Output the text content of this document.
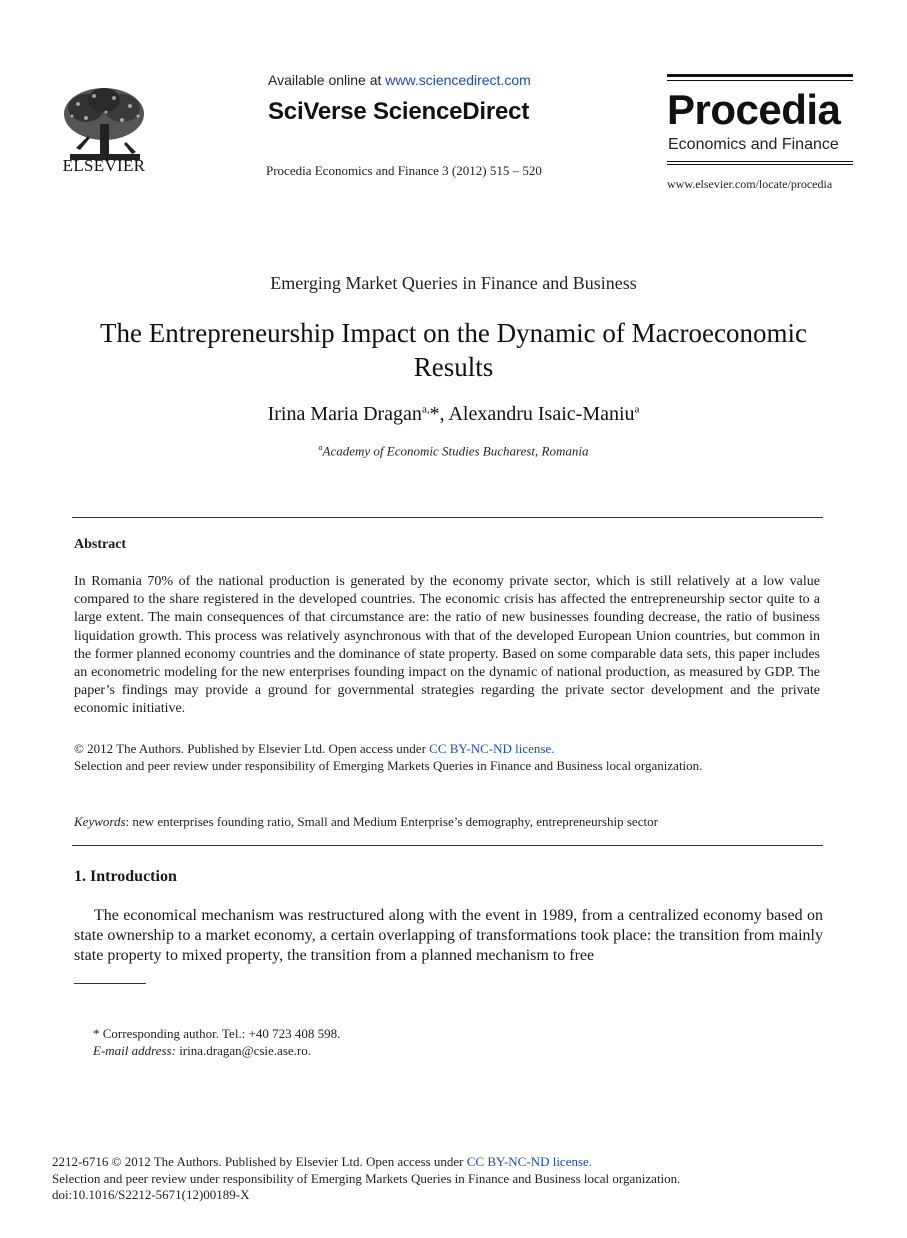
ELSEVIER
Available online at www.sciencedirect.com
SciVerse ScienceDirect
Procedia Economics and Finance 3 (2012) 515 – 520
Procedia
Economics and Finance
www.elsevier.com/locate/procedia
Emerging Market Queries in Finance and Business
The Entrepreneurship Impact on the Dynamic of Macroeconomic Results
Irina Maria Dragan$^{a,}$*, Alexandru Isaic-Maniu$^a$
$^a$Academy of Economic Studies Bucharest, Romania
Abstract
In Romania 70% of the national production is generated by the economy private sector, which is still relatively at a low value compared to the share registered in the developed countries. The economic crisis has affected the entrepreneurship sector quite to a large extent. The main consequences of that circumstance are: the ratio of new businesses founding decrease, the ratio of business liquidation growth. This process was relatively asynchronous with that of the developed European Union countries, but common in the former planned economy countries and the dominance of state property. Based on some comparable data sets, this paper includes an econometric modeling for the new enterprises founding impact on the dynamic of national production, as measured by GDP. The paper’s findings may provide a ground for governmental strategies regarding the private sector development and the private economic initiative.
© 2012 The Authors. Published by Elsevier Ltd. Open access under CC BY-NC-ND license.
Selection and peer review under responsibility of Emerging Markets Queries in Finance and Business local organization.
Keywords: new enterprises founding ratio, Small and Medium Enterprise’s demography, entrepreneurship sector
1. Introduction

The economical mechanism was restructured along with the event in 1989, from a centralized economy based on state ownership to a market economy, a certain overlapping of transformations took place: the transition from mainly state property to mixed property, the transition from a planned mechanism to free

* Corresponding author. Tel.: +40 723 408 598.
E-mail address: irina.dragan@csie.ase.ro.
2212-6716 © 2012 The Authors. Published by Elsevier Ltd. Open access under CC BY-NC-ND license.
Selection and peer review under responsibility of Emerging Markets Queries in Finance and Business local organization.
doi:10.1016/S2212-5671(12)00189-X
